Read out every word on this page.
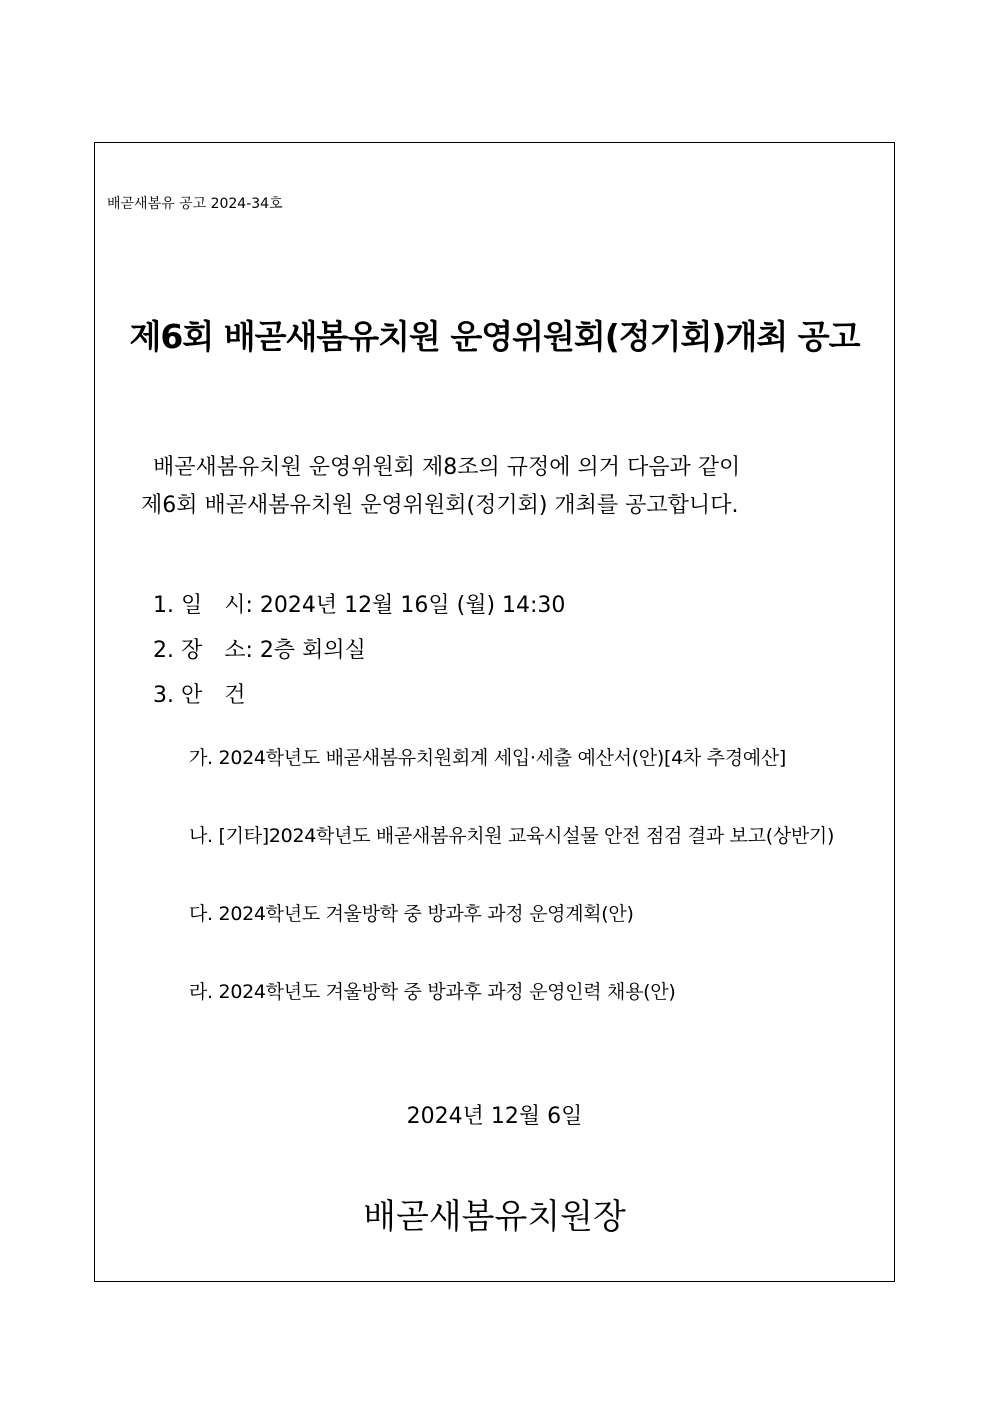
배곧새봄유 공고 2024-34호
제6회 배곧새봄유치원 운영위원회(정기회)개최 공고
배곧새봄유치원 운영위원회 제8조의 규정에 의거 다음과 같이
제6회 배곧새봄유치원 운영위원회(정기회) 개최를 공고합니다.
1. 일　시: 2024년 12월 16일 (월) 14:30
2. 장　소: 2층 회의실
3. 안　건
가. 2024학년도 배곧새봄유치원회계 세입·세출 예산서(안)[4차 추경예산]
나. [기타]2024학년도 배곧새봄유치원 교육시설물 안전 점검 결과 보고(상반기)
다. 2024학년도 겨울방학 중 방과후 과정 운영계획(안)
라. 2024학년도 겨울방학 중 방과후 과정 운영인력 채용(안)
2024년 12월 6일
배곧새봄유치원장
